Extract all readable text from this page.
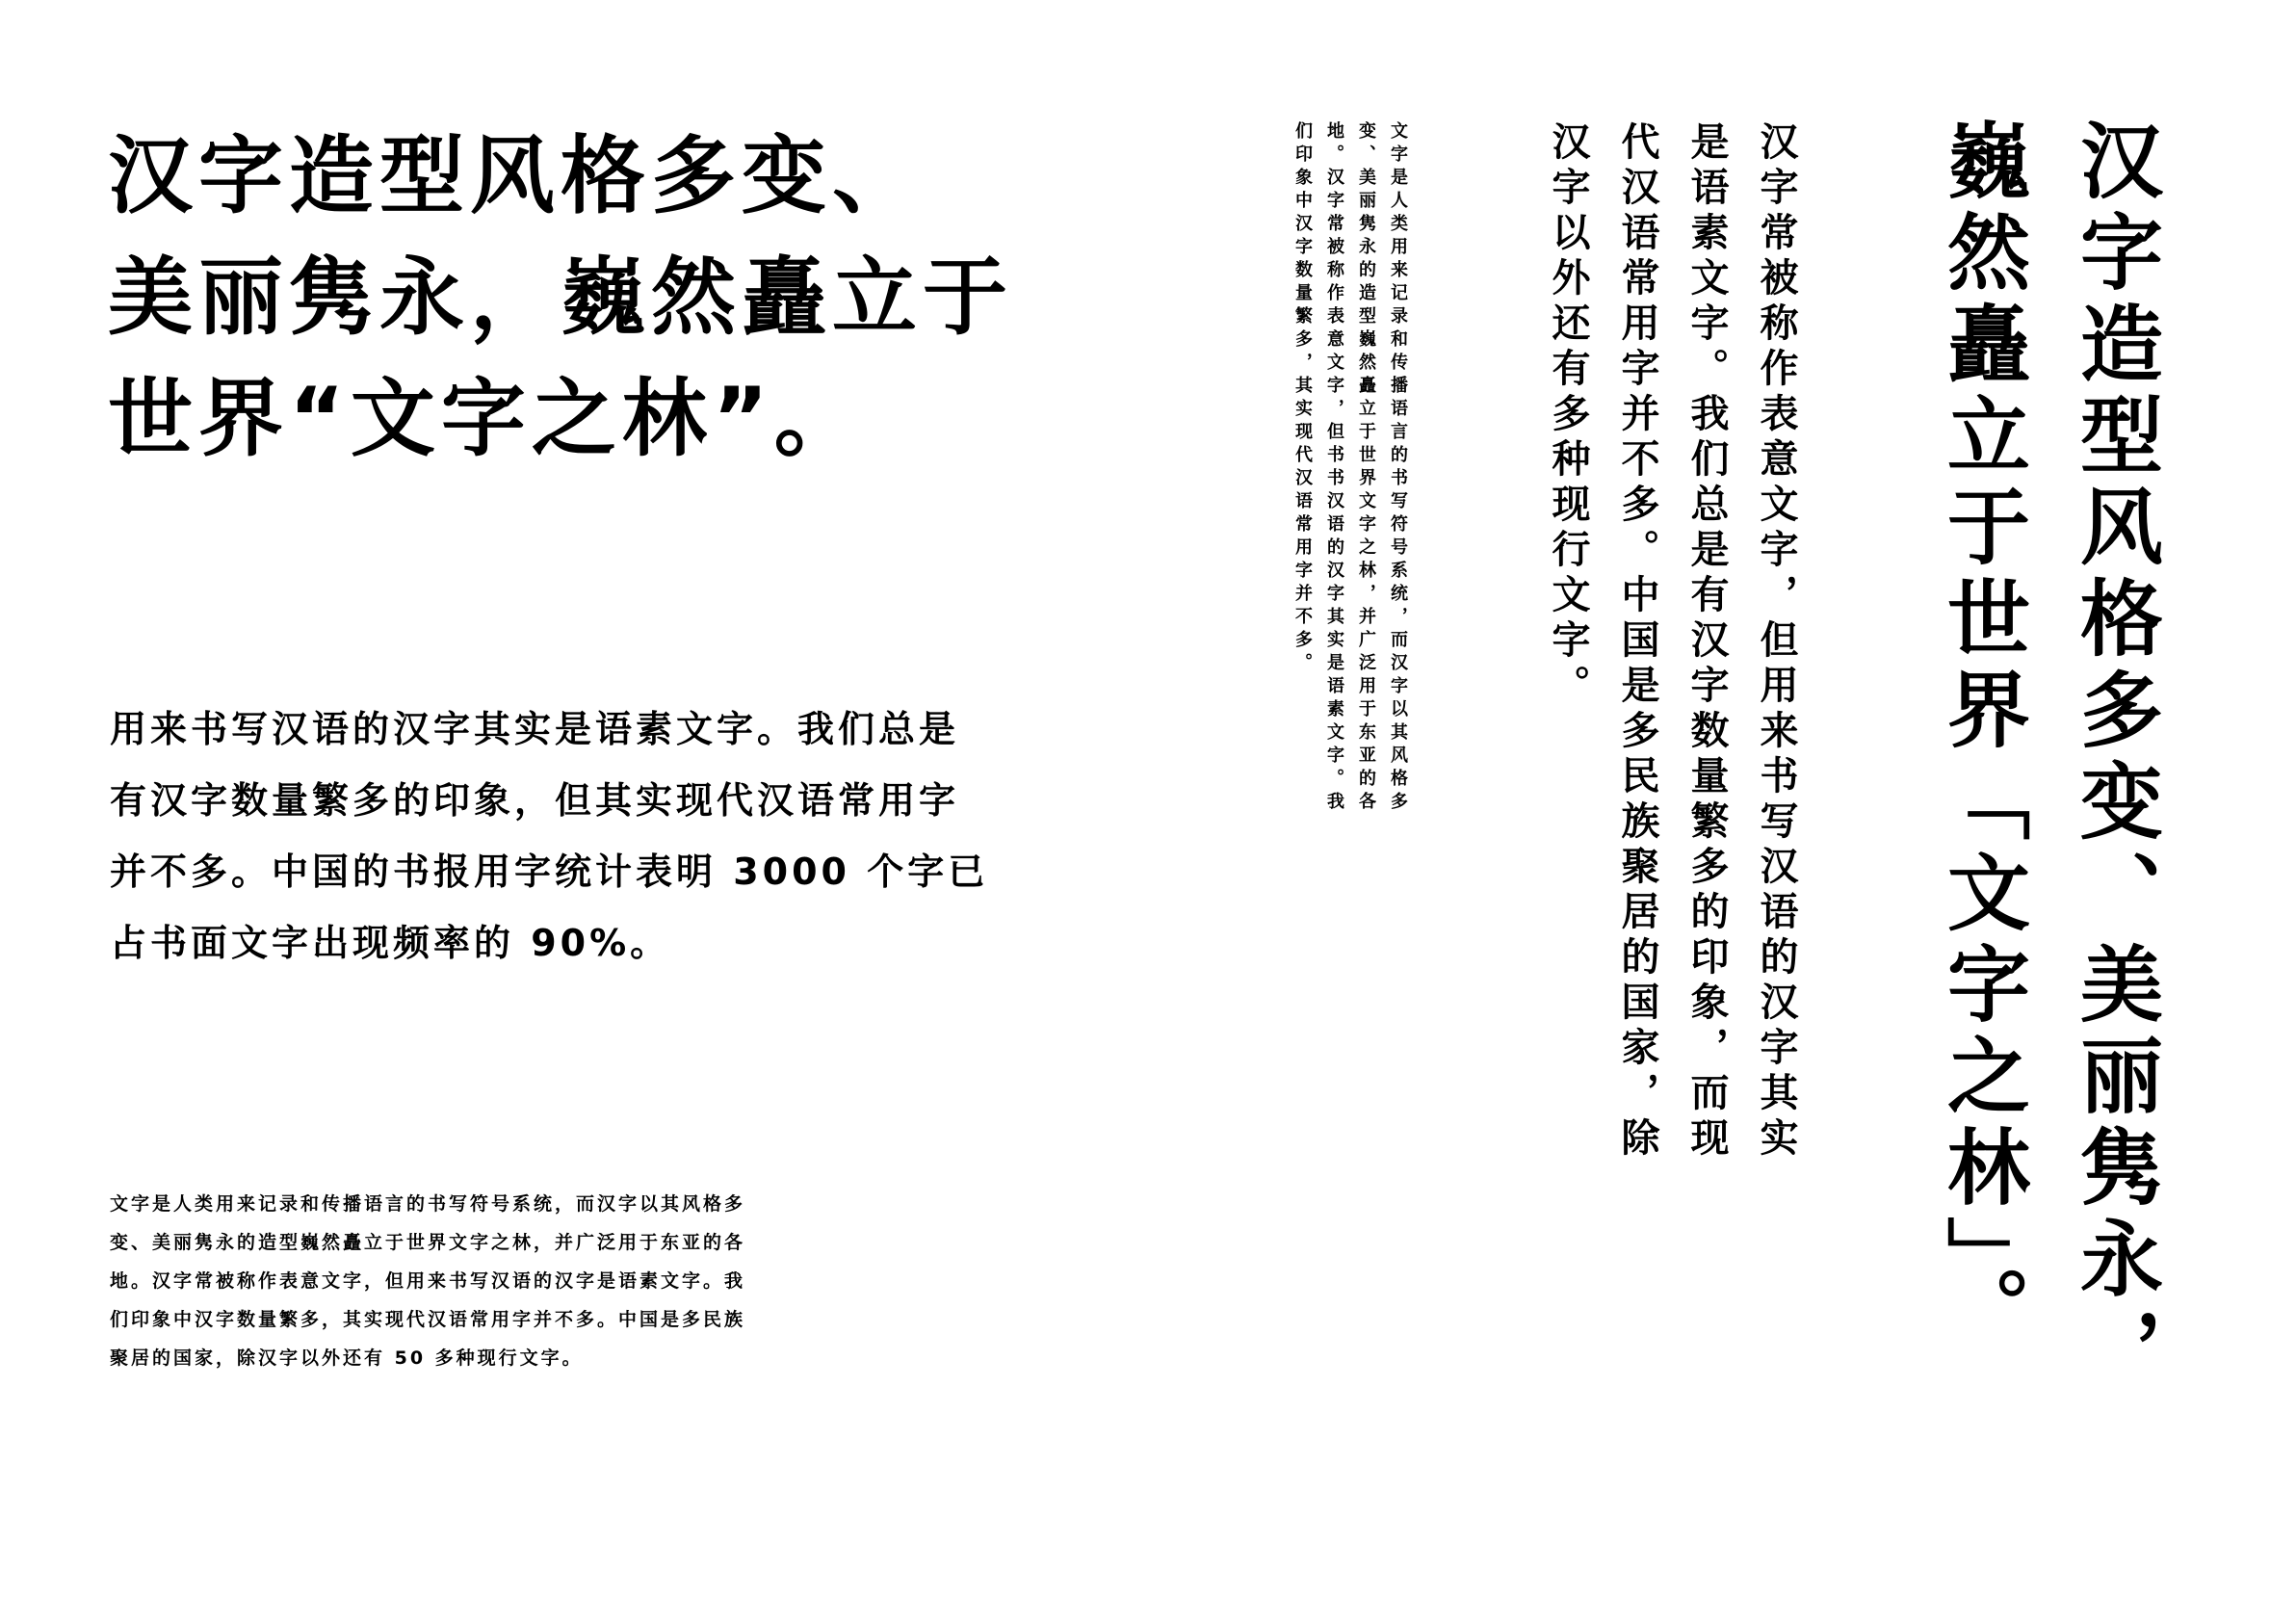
汉字造型风格多变、
美丽隽永，巍然矗立于
世界“文字之林”。
用来书写汉语的汉字其实是语素文字。我们总是
有汉字数量繁多的印象，但其实现代汉语常用字
并不多。中国的书报用字统计表明 3000 个字已
占书面文字出现频率的 90%。
文字是人类用来记录和传播语言的书写符号系统，而汉字以其风格多
变、美丽隽永的造型巍然矗立于世界文字之林，并广泛用于东亚的各
地。汉字常被称作表意文字，但用来书写汉语的汉字是语素文字。我
们印象中汉字数量繁多，其实现代汉语常用字并不多。中国是多民族
聚居的国家，除汉字以外还有 50 多种现行文字。
文字是人类用来记录和传播语言的书写符号系统，而汉字以其风格多
变、美丽隽永的造型巍然矗立于世界文字之林，并广泛用于东亚的各
地。汉字常被称作表意文字，但书书汉语的汉字其实是语素文字。我
们印象中汉字数量繁多，其实现代汉语常用字并不多。	汉字常被称作表意文字，但用来书写汉语的汉字其实
是语素文字。我们总是有汉字数量繁多的印象，而现
代汉语常用字并不多。中国是多民族聚居的国家，除
汉字以外还有多种现行文字。	汉字造型风格多变、美丽隽永，
巍然矗立于世界「文字之林」。
